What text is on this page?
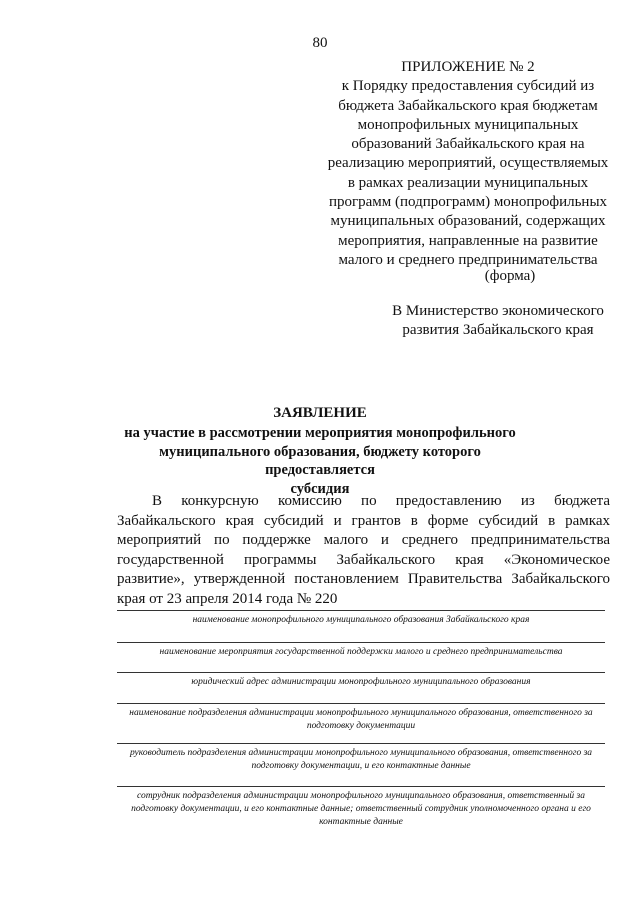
80
ПРИЛОЖЕНИЕ № 2
к Порядку предоставления субсидий из
бюджета Забайкальского края бюджетам
монопрофильных муниципальных
образований Забайкальского края на
реализацию мероприятий, осуществляемых
в рамках реализации муниципальных
программ (подпрограмм) монопрофильных
муниципальных образований, содержащих
мероприятия, направленные на развитие
малого и среднего предпринимательства
(форма)
В Министерство экономического
развития Забайкальского края
ЗАЯВЛЕНИЕ
на участие в рассмотрении мероприятия монопрофильного
муниципального образования, бюджету которого предоставляется
субсидия
В конкурсную комиссию по предоставлению из бюджета Забайкальского края субсидий и грантов в форме субсидий в рамках мероприятий по поддержке малого и среднего предпринимательства государственной программы Забайкальского края «Экономическое развитие», утвержденной постановлением Правительства Забайкальского края от 23 апреля 2014 года № 220
наименование монопрофильного муниципального образования Забайкальского края
наименование мероприятия государственной поддержки малого и среднего предпринимательства
юридический адрес администрации монопрофильного муниципального образования
наименование подразделения администрации монопрофильного муниципального образования, ответственного за подготовку документации
руководитель подразделения администрации монопрофильного муниципального образования, ответственного за подготовку документации, и его контактные данные
сотрудник подразделения администрации монопрофильного муниципального образования, ответственный за подготовку документации, и его контактные данные; ответственный сотрудник уполномоченного органа и его контактные данные
